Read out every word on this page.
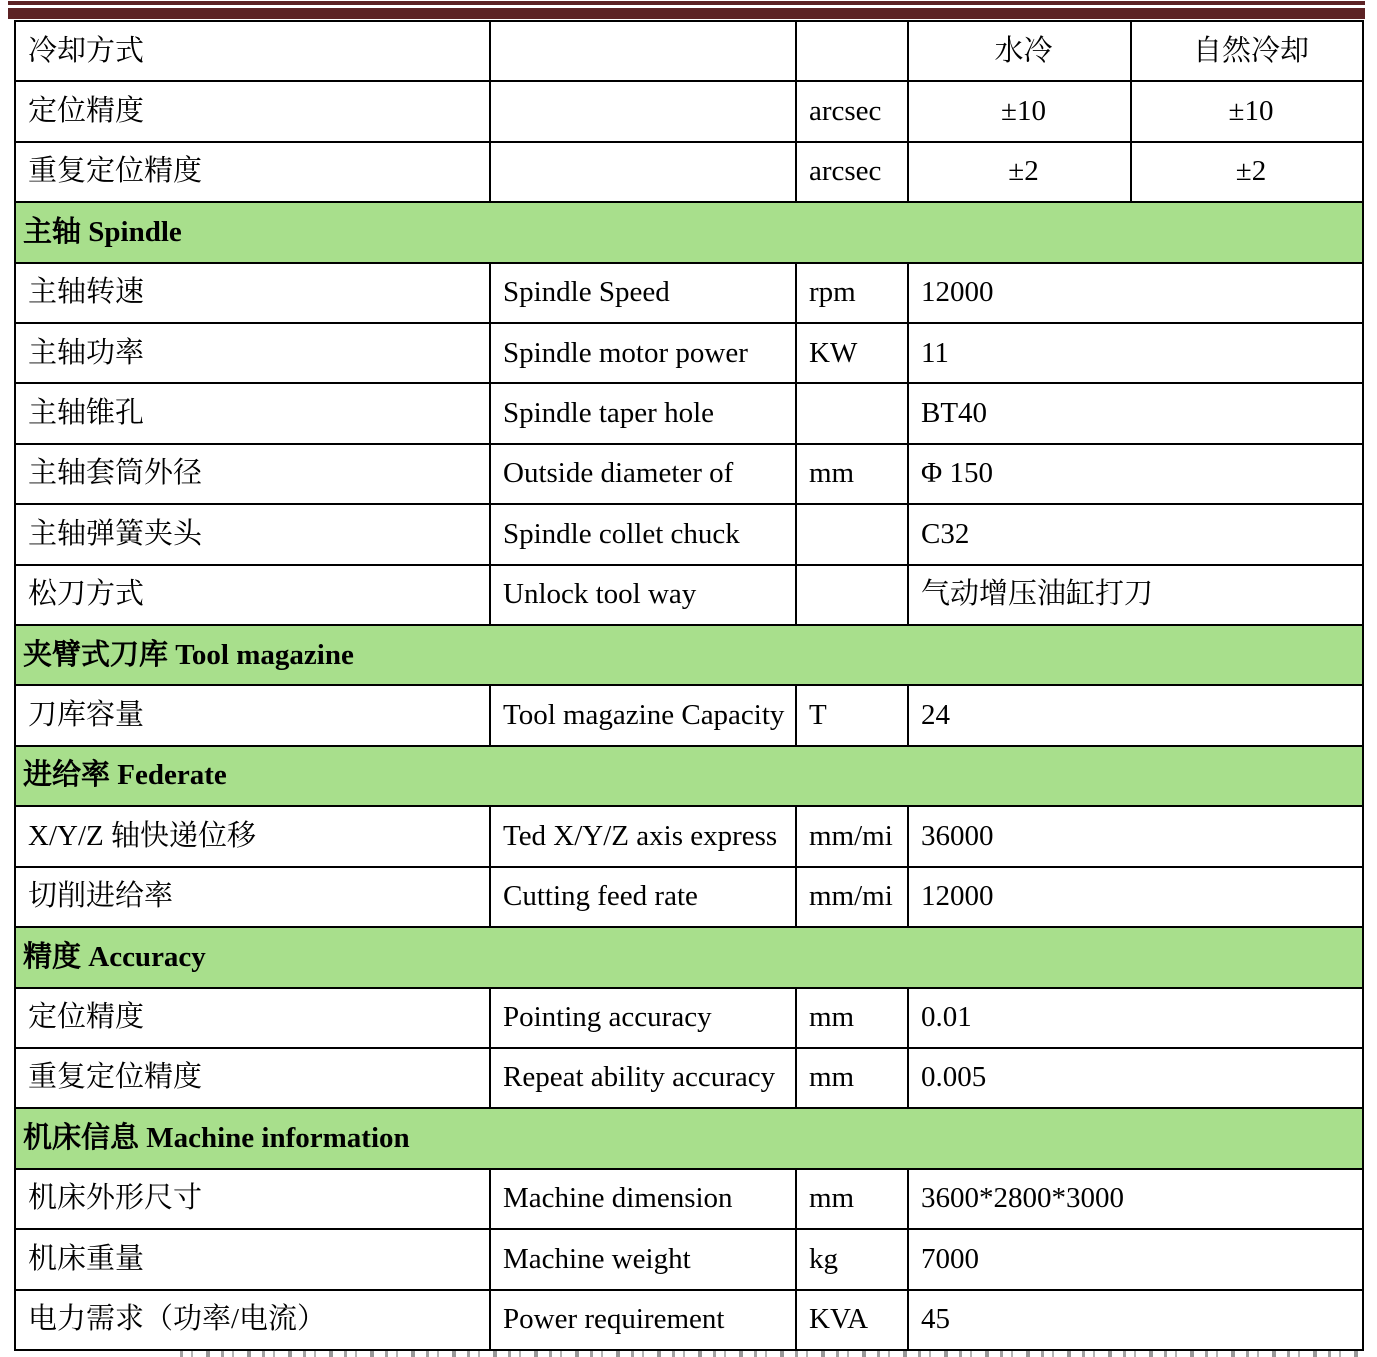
冷却方式			水冷	自然冷却
定位精度		arcsec	±10	±10
重复定位精度		arcsec	±2	±2
主轴 Spindle				
主轴转速	Spindle Speed	rpm	12000	
主轴功率	Spindle motor power	KW	11	
主轴锥孔	Spindle taper hole		BT40	
主轴套筒外径	Outside diameter of	mm	Φ 150	
主轴弹簧夹头	Spindle collet chuck		C32	
松刀方式	Unlock tool way		气动增压油缸打刀	
夹臂式刀库 Tool magazine				
刀库容量	Tool magazine Capacity	T	24	
进给率 Federate				
X/Y/Z 轴快递位移	Ted X/Y/Z axis express	mm/mi	36000	
切削进给率	Cutting feed rate	mm/mi	12000	
精度 Accuracy				
定位精度	Pointing accuracy	mm	0.01	
重复定位精度	Repeat ability accuracy	mm	0.005	
机床信息 Machine information				
机床外形尺寸	Machine dimension	mm	3600*2800*3000	
机床重量	Machine weight	kg	7000	
电力需求（功率/电流）	Power requirement	KVA	45	
